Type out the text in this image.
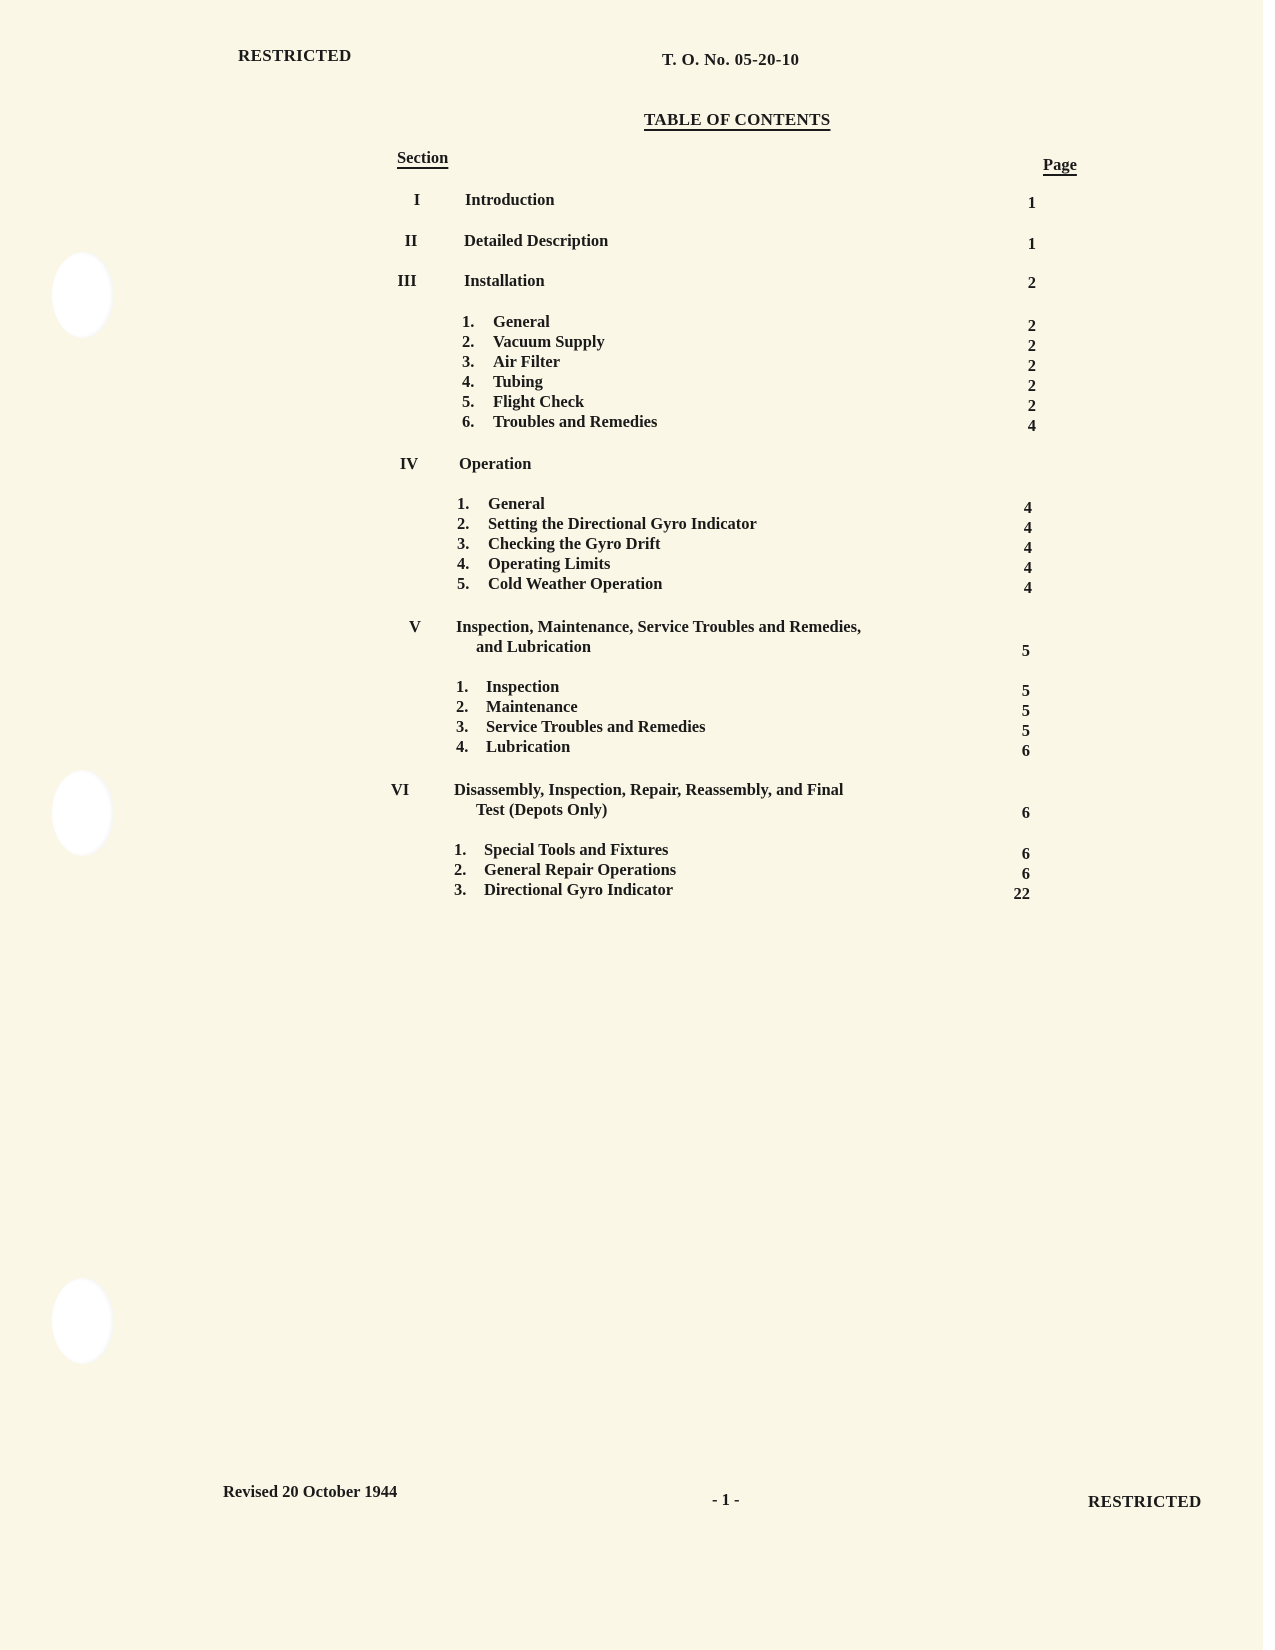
RESTRICTED	T. O. No. 05-20-10
TABLE OF CONTENTS
Section	Page
I	Introduction	1
II	Detailed Description	1
III	Installation	2
1. General	2
2. Vacuum Supply	2
3. Air Filter	2
4. Tubing	2
5. Flight Check	2
6. Troubles and Remedies	4
IV	Operation
1. General	4
2. Setting the Directional Gyro Indicator	4
3. Checking the Gyro Drift	4
4. Operating Limits	4
5. Cold Weather Operation	4
V	Inspection, Maintenance, Service Troubles and Remedies,
and Lubrication	5
1. Inspection	5
2. Maintenance	5
3. Service Troubles and Remedies	5
4. Lubrication	6
VI	Disassembly, Inspection, Repair, Reassembly, and Final
Test (Depots Only)	6
1. Special Tools and Fixtures	6
2. General Repair Operations	6
3. Directional Gyro Indicator	22
Revised 20 October 1944	- 1 -	RESTRICTED
